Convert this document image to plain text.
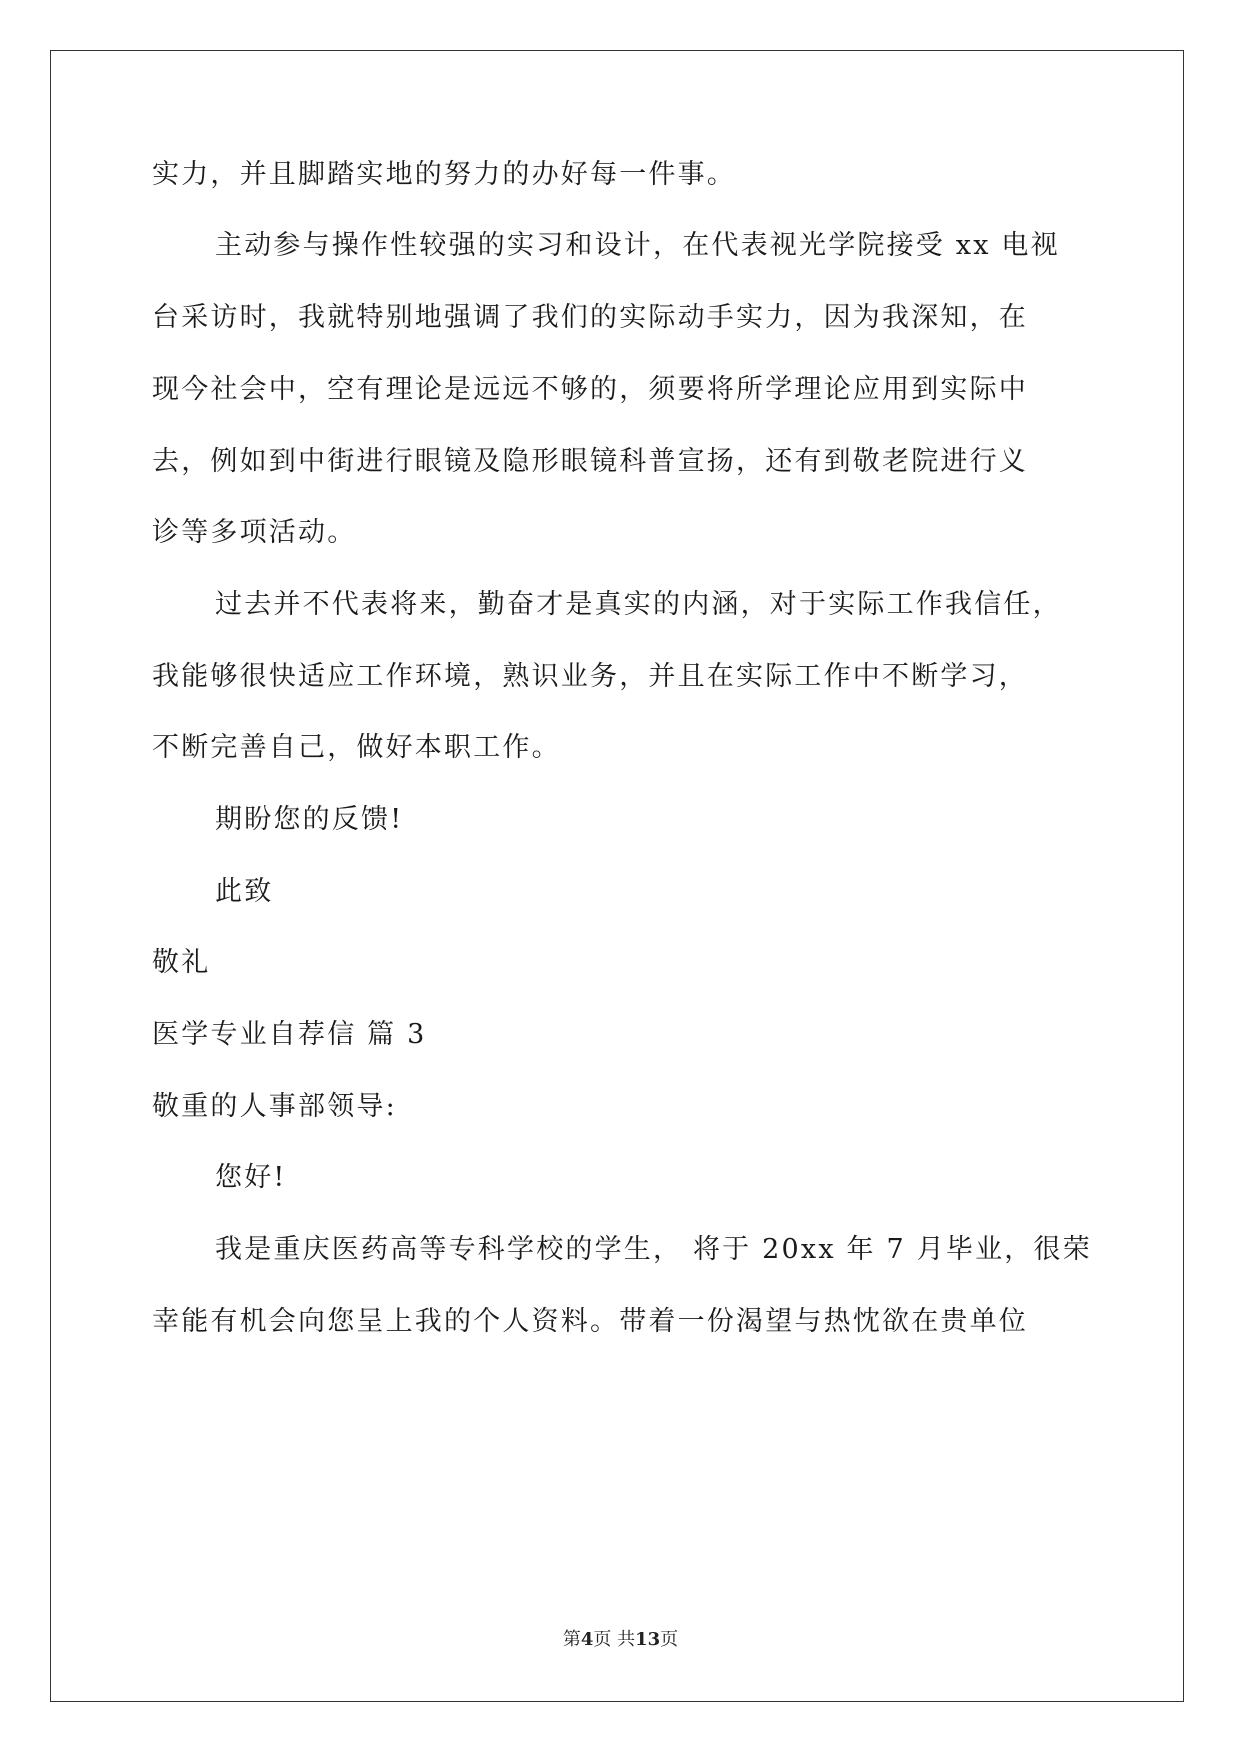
实力，并且脚踏实地的努力的办好每一件事。
主动参与操作性较强的实习和设计，在代表视光学院接受 xx 电视
台采访时，我就特别地强调了我们的实际动手实力，因为我深知，在
现今社会中，空有理论是远远不够的，须要将所学理论应用到实际中
去，例如到中街进行眼镜及隐形眼镜科普宣扬，还有到敬老院进行义
诊等多项活动。
过去并不代表将来，勤奋才是真实的内涵，对于实际工作我信任，
我能够很快适应工作环境，熟识业务，并且在实际工作中不断学习，
不断完善自己，做好本职工作。
期盼您的反馈!
此致
敬礼
医学专业自荐信 篇 3
敬重的人事部领导:
您好!
我是重庆医药高等专科学校的学生， 将于 20xx 年 7 月毕业，很荣
幸能有机会向您呈上我的个人资料。带着一份渴望与热忱欲在贵单位
第4页 共13页
